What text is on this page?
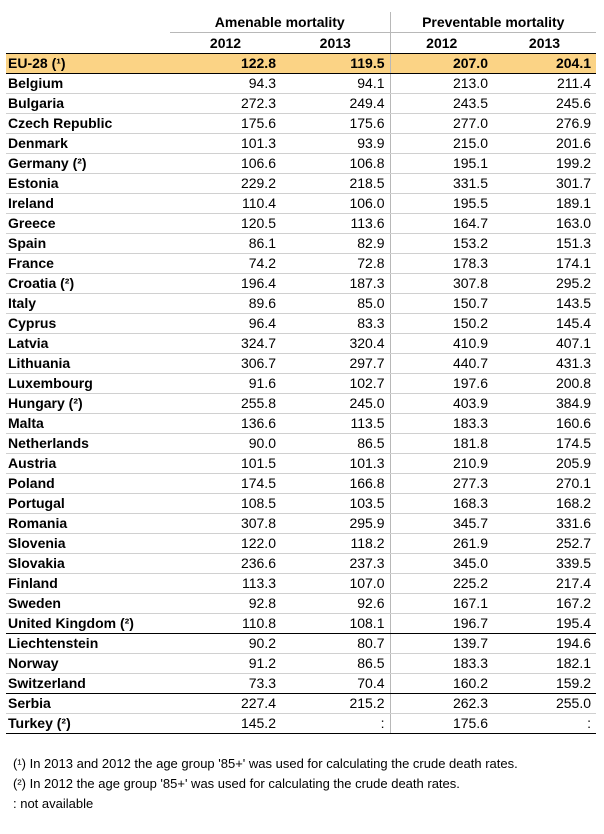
	Amenable mortality		Preventable mortality	
	2012	2013	2012	2013
EU-28 (¹)	122.8	119.5	207.0	204.1
Belgium	94.3	94.1	213.0	211.4
Bulgaria	272.3	249.4	243.5	245.6
Czech Republic	175.6	175.6	277.0	276.9
Denmark	101.3	93.9	215.0	201.6
Germany (²)	106.6	106.8	195.1	199.2
Estonia	229.2	218.5	331.5	301.7
Ireland	110.4	106.0	195.5	189.1
Greece	120.5	113.6	164.7	163.0
Spain	86.1	82.9	153.2	151.3
France	74.2	72.8	178.3	174.1
Croatia (²)	196.4	187.3	307.8	295.2
Italy	89.6	85.0	150.7	143.5
Cyprus	96.4	83.3	150.2	145.4
Latvia	324.7	320.4	410.9	407.1
Lithuania	306.7	297.7	440.7	431.3
Luxembourg	91.6	102.7	197.6	200.8
Hungary (²)	255.8	245.0	403.9	384.9
Malta	136.6	113.5	183.3	160.6
Netherlands	90.0	86.5	181.8	174.5
Austria	101.5	101.3	210.9	205.9
Poland	174.5	166.8	277.3	270.1
Portugal	108.5	103.5	168.3	168.2
Romania	307.8	295.9	345.7	331.6
Slovenia	122.0	118.2	261.9	252.7
Slovakia	236.6	237.3	345.0	339.5
Finland	113.3	107.0	225.2	217.4
Sweden	92.8	92.6	167.1	167.2
United Kingdom (²)	110.8	108.1	196.7	195.4
Liechtenstein	90.2	80.7	139.7	194.6
Norway	91.2	86.5	183.3	182.1
Switzerland	73.3	70.4	160.2	159.2
Serbia	227.4	215.2	262.3	255.0
Turkey (²)	145.2	:	175.6	:
(¹) In 2013 and 2012 the age group '85+' was used for calculating the crude death rates.
(²) In 2012 the age group '85+' was used for calculating the crude death rates.
: not available
